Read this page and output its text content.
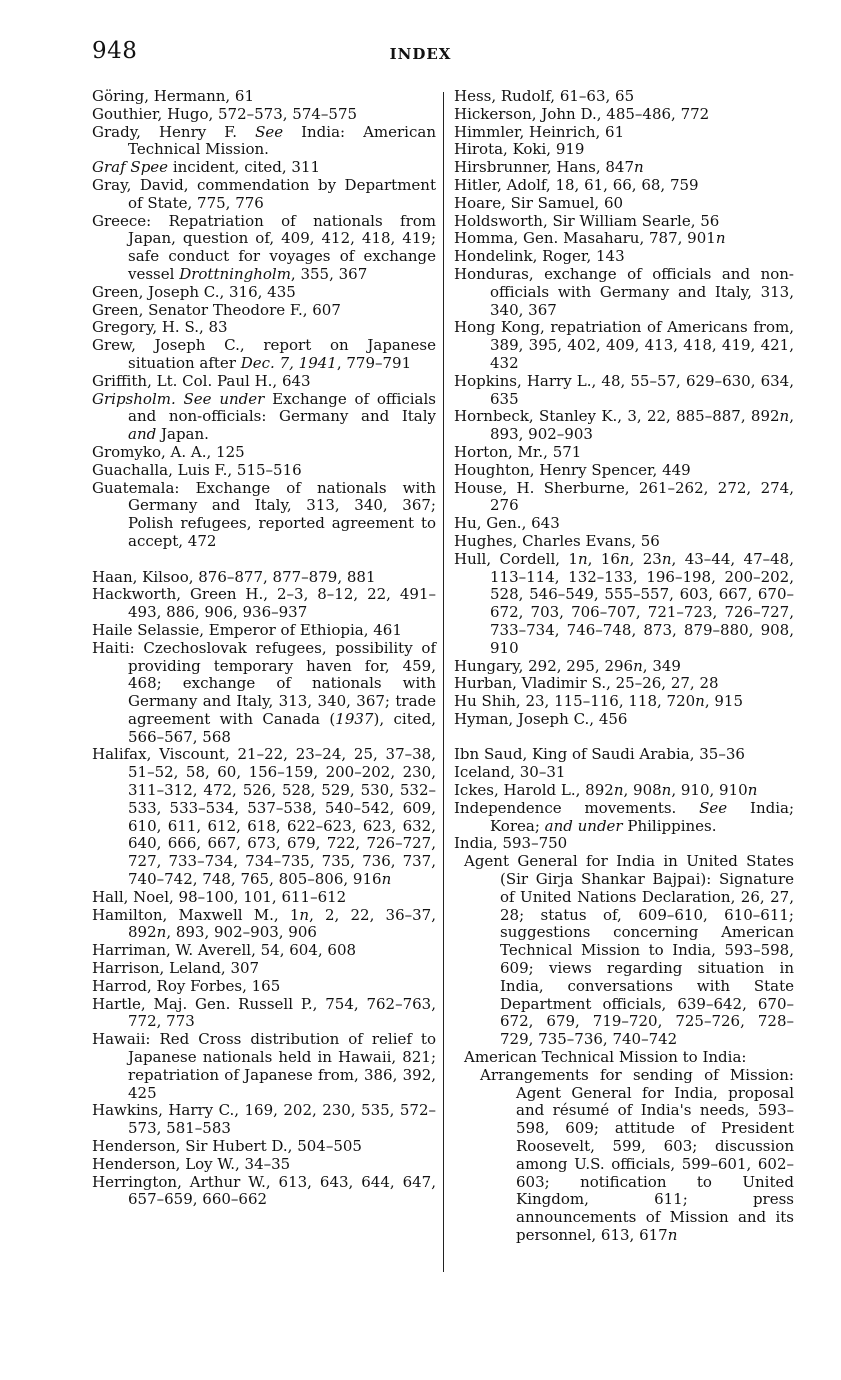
948	INDEX

Göring, Hermann, 61

Gouthier, Hugo, 572–573, 574–575

Grady, Henry F. See India: American Technical Mission.

Graf Spee incident, cited, 311

Gray, David, commendation by Department of State, 775, 776

Greece: Repatriation of nationals from Japan, question of, 409, 412, 418, 419; safe conduct for voyages of exchange vessel Drottningholm, 355, 367

Green, Joseph C., 316, 435

Green, Senator Theodore F., 607

Gregory, H. S., 83

Grew, Joseph C., report on Japanese situation after Dec. 7, 1941, 779–791

Griffith, Lt. Col. Paul H., 643

Gripsholm. See under Exchange of officials and non-officials: Germany and Italy and Japan.

Gromyko, A. A., 125

Guachalla, Luis F., 515–516

Guatemala: Exchange of nationals with Germany and Italy, 313, 340, 367; Polish refugees, reported agreement to accept, 472

Haan, Kilsoo, 876–877, 877–879, 881

Hackworth, Green H., 2–3, 8–12, 22, 491–493, 886, 906, 936–937

Haile Selassie, Emperor of Ethiopia, 461

Haiti: Czechoslovak refugees, possibility of providing temporary haven for, 459, 468; exchange of nationals with Germany and Italy, 313, 340, 367; trade agreement with Canada (1937), cited, 566–567, 568

Halifax, Viscount, 21–22, 23–24, 25, 37–38, 51–52, 58, 60, 156–159, 200–202, 230, 311–312, 472, 526, 528, 529, 530, 532–533, 533–534, 537–538, 540–542, 609, 610, 611, 612, 618, 622–623, 623, 632, 640, 666, 667, 673, 679, 722, 726–727, 727, 733–734, 734–735, 735, 736, 737, 740–742, 748, 765, 805–806, 916n

Hall, Noel, 98–100, 101, 611–612

Hamilton, Maxwell M., 1n, 2, 22, 36–37, 892n, 893, 902–903, 906

Harriman, W. Averell, 54, 604, 608

Harrison, Leland, 307

Harrod, Roy Forbes, 165

Hartle, Maj. Gen. Russell P., 754, 762–763, 772, 773

Hawaii: Red Cross distribution of relief to Japanese nationals held in Hawaii, 821; repatriation of Japanese from, 386, 392, 425

Hawkins, Harry C., 169, 202, 230, 535, 572–573, 581–583

Henderson, Sir Hubert D., 504–505

Henderson, Loy W., 34–35

Herrington, Arthur W., 613, 643, 644, 647, 657–659, 660–662

Hess, Rudolf, 61–63, 65

Hickerson, John D., 485–486, 772

Himmler, Heinrich, 61

Hirota, Koki, 919

Hirsbrunner, Hans, 847n

Hitler, Adolf, 18, 61, 66, 68, 759

Hoare, Sir Samuel, 60

Holdsworth, Sir William Searle, 56

Homma, Gen. Masaharu, 787, 901n

Hondelink, Roger, 143

Honduras, exchange of officials and non-officials with Germany and Italy, 313, 340, 367

Hong Kong, repatriation of Americans from, 389, 395, 402, 409, 413, 418, 419, 421, 432

Hopkins, Harry L., 48, 55–57, 629–630, 634, 635

Hornbeck, Stanley K., 3, 22, 885–887, 892n, 893, 902–903

Horton, Mr., 571

Houghton, Henry Spencer, 449

House, H. Sherburne, 261–262, 272, 274, 276

Hu, Gen., 643

Hughes, Charles Evans, 56

Hull, Cordell, 1n, 16n, 23n, 43–44, 47–48, 113–114, 132–133, 196–198, 200–202, 528, 546–549, 555–557, 603, 667, 670–672, 703, 706–707, 721–723, 726–727, 733–734, 746–748, 873, 879–880, 908, 910

Hungary, 292, 295, 296n, 349

Hurban, Vladimir S., 25–26, 27, 28

Hu Shih, 23, 115–116, 118, 720n, 915

Hyman, Joseph C., 456

Ibn Saud, King of Saudi Arabia, 35–36

Iceland, 30–31

Ickes, Harold L., 892n, 908n, 910, 910n

Independence movements. See India; Korea; and under Philippines.

India, 593–750

Agent General for India in United States (Sir Girja Shankar Bajpai): Signature of United Nations Declaration, 26, 27, 28; status of, 609–610, 610–611; suggestions concerning American Technical Mission to India, 593–598, 609; views regarding situation in India, conversations with State Department officials, 639–642, 670–672, 679, 719–720, 725–726, 728–729, 735–736, 740–742

American Technical Mission to India:

Arrangements for sending of Mission: Agent General for India, proposal and résumé of India's needs, 593–598, 609; attitude of President Roosevelt, 599, 603; discussion among U.S. officials, 599–601, 602–603; notification to United Kingdom, 611; press announcements of Mission and its personnel, 613, 617n
